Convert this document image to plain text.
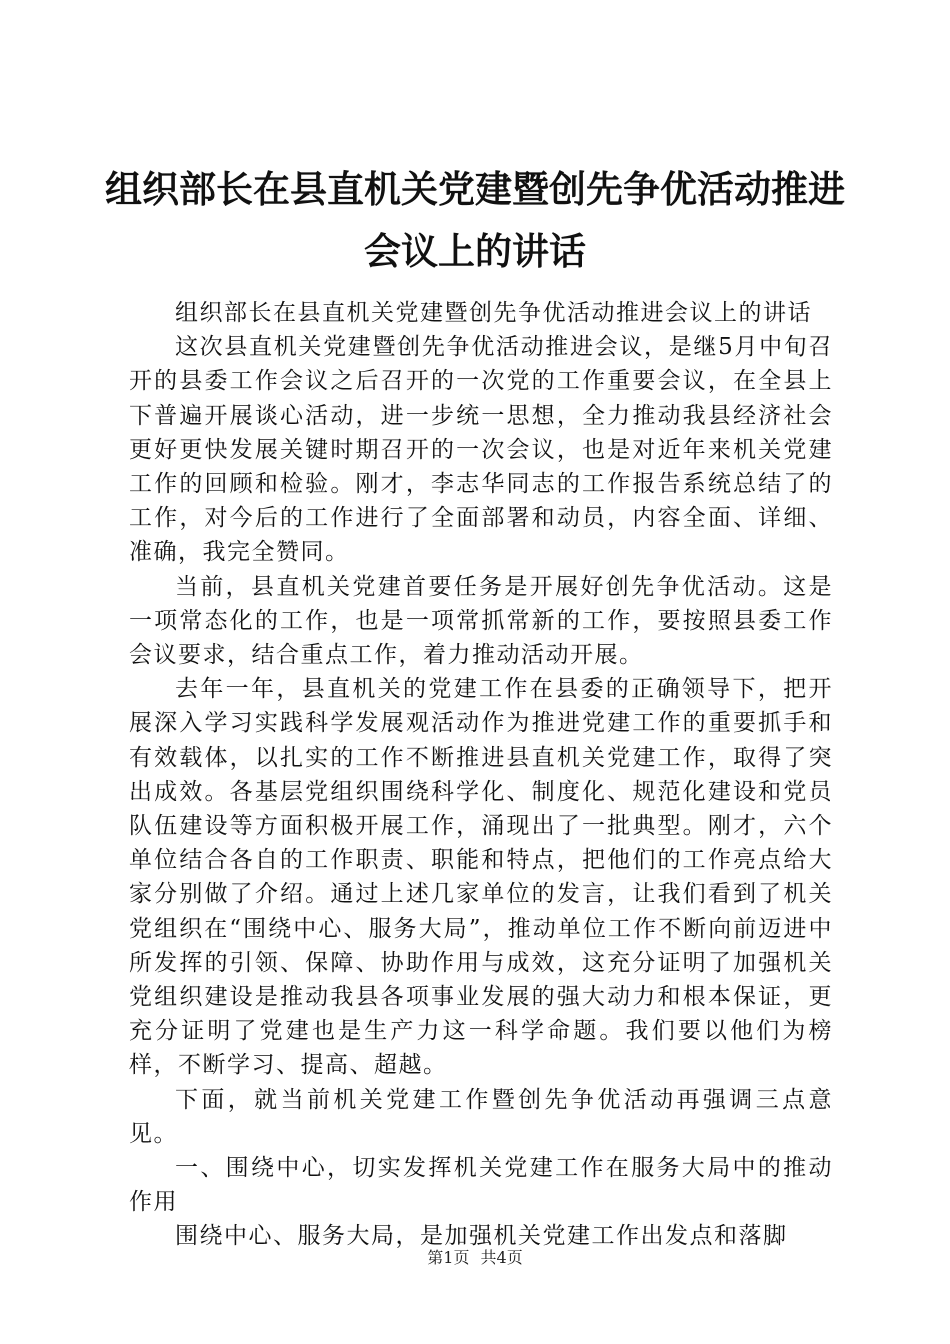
组织部长在县直机关党建暨创先争优活动推进
会议上的讲话

组织部长在县直机关党建暨创先争优活动推进会议上的讲话

这次县直机关党建暨创先争优活动推进会议，是继5月中旬召开的县委工作会议之后召开的一次党的工作重要会议，在全县上下普遍开展谈心活动，进一步统一思想，全力推动我县经济社会更好更快发展关键时期召开的一次会议，也是对近年来机关党建工作的回顾和检验。刚才，李志华同志的工作报告系统总结了的工作，对今后的工作进行了全面部署和动员，内容全面、详细、准确，我完全赞同。

当前，县直机关党建首要任务是开展好创先争优活动。这是一项常态化的工作，也是一项常抓常新的工作，要按照县委工作会议要求，结合重点工作，着力推动活动开展。

去年一年，县直机关的党建工作在县委的正确领导下，把开展深入学习实践科学发展观活动作为推进党建工作的重要抓手和有效载体，以扎实的工作不断推进县直机关党建工作，取得了突出成效。各基层党组织围绕科学化、制度化、规范化建设和党员队伍建设等方面积极开展工作，涌现出了一批典型。刚才，六个单位结合各自的工作职责、职能和特点，把他们的工作亮点给大家分别做了介绍。通过上述几家单位的发言，让我们看到了机关党组织在“围绕中心、服务大局”，推动单位工作不断向前迈进中所发挥的引领、保障、协助作用与成效，这充分证明了加强机关党组织建设是推动我县各项事业发展的强大动力和根本保证，更充分证明了党建也是生产力这一科学命题。我们要以他们为榜样，不断学习、提高、超越。

下面，就当前机关党建工作暨创先争优活动再强调三点意见。

一、围绕中心，切实发挥机关党建工作在服务大局中的推动作用

围绕中心、服务大局，是加强机关党建工作出发点和落脚

第1页 共4页
